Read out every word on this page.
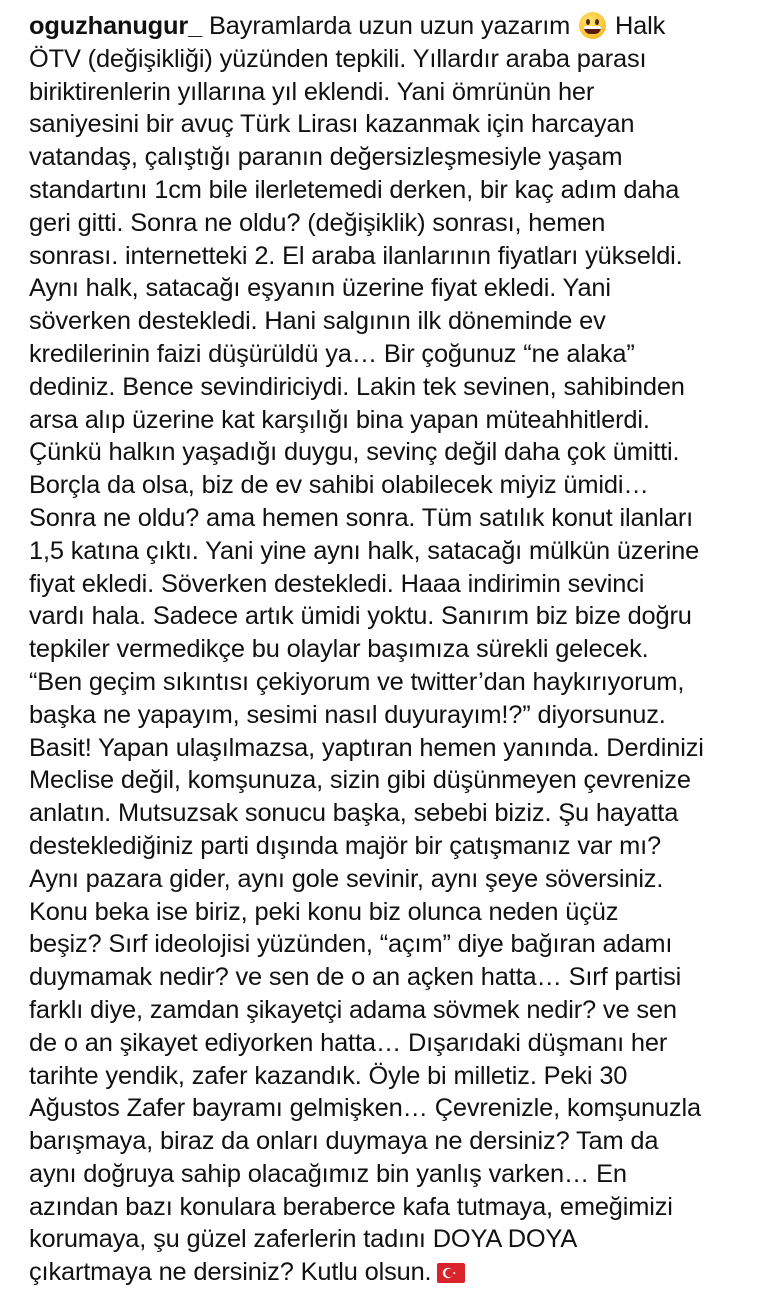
oguzhanugur_ Bayramlarda uzun uzun yazarım
Halk
ÖTV (değişikliği) yüzünden tepkili. Yıllardır araba parası
biriktirenlerin yıllarına yıl eklendi. Yani ömrünün her
saniyesini bir avuç Türk Lirası kazanmak için harcayan
vatandaş, çalıştığı paranın değersizleşmesiyle yaşam
standartını 1cm bile ilerletemedi derken, bir kaç adım daha
geri gitti. Sonra ne oldu? (değişiklik) sonrası, hemen
sonrası. internetteki 2. El araba ilanlarının fiyatları yükseldi.
Aynı halk, satacağı eşyanın üzerine fiyat ekledi. Yani
söverken destekledi. Hani salgının ilk döneminde ev
kredilerinin faizi düşürüldü ya… Bir çoğunuz “ne alaka”
dediniz. Bence sevindiriciydi. Lakin tek sevinen, sahibinden
arsa alıp üzerine kat karşılığı bina yapan müteahhitlerdi.
Çünkü halkın yaşadığı duygu, sevinç değil daha çok ümitti.
Borçla da olsa, biz de ev sahibi olabilecek miyiz ümidi…
Sonra ne oldu? ama hemen sonra. Tüm satılık konut ilanları
1,5 katına çıktı. Yani yine aynı halk, satacağı mülkün üzerine
fiyat ekledi. Söverken destekledi. Haaa indirimin sevinci
vardı hala. Sadece artık ümidi yoktu. Sanırım biz bize doğru
tepkiler vermedikçe bu olaylar başımıza sürekli gelecek.
“Ben geçim sıkıntısı çekiyorum ve twitter’dan haykırıyorum,
başka ne yapayım, sesimi nasıl duyurayım!?” diyorsunuz.
Basit! Yapan ulaşılmazsa, yaptıran hemen yanında. Derdinizi
Meclise değil, komşunuza, sizin gibi düşünmeyen çevrenize
anlatın. Mutsuzsak sonucu başka, sebebi biziz. Şu hayatta
desteklediğiniz parti dışında majör bir çatışmanız var mı?
Aynı pazara gider, aynı gole sevinir, aynı şeye söversiniz.
Konu beka ise biriz, peki konu biz olunca neden üçüz
beşiz? Sırf ideolojisi yüzünden, “açım” diye bağıran adamı
duymamak nedir? ve sen de o an açken hatta… Sırf partisi
farklı diye, zamdan şikayetçi adama sövmek nedir? ve sen
de o an şikayet ediyorken hatta… Dışarıdaki düşmanı her
tarihte yendik, zafer kazandık. Öyle bi milletiz. Peki 30
Ağustos Zafer bayramı gelmişken… Çevrenizle, komşunuzla
barışmaya, biraz da onları duymaya ne dersiniz? Tam da
aynı doğruya sahip olacağımız bin yanlış varken… En
azından bazı konulara beraberce kafa tutmaya, emeğimizi
korumaya, şu güzel zaferlerin tadını DOYA DOYA
çıkartmaya ne dersiniz? Kutlu olsun.
